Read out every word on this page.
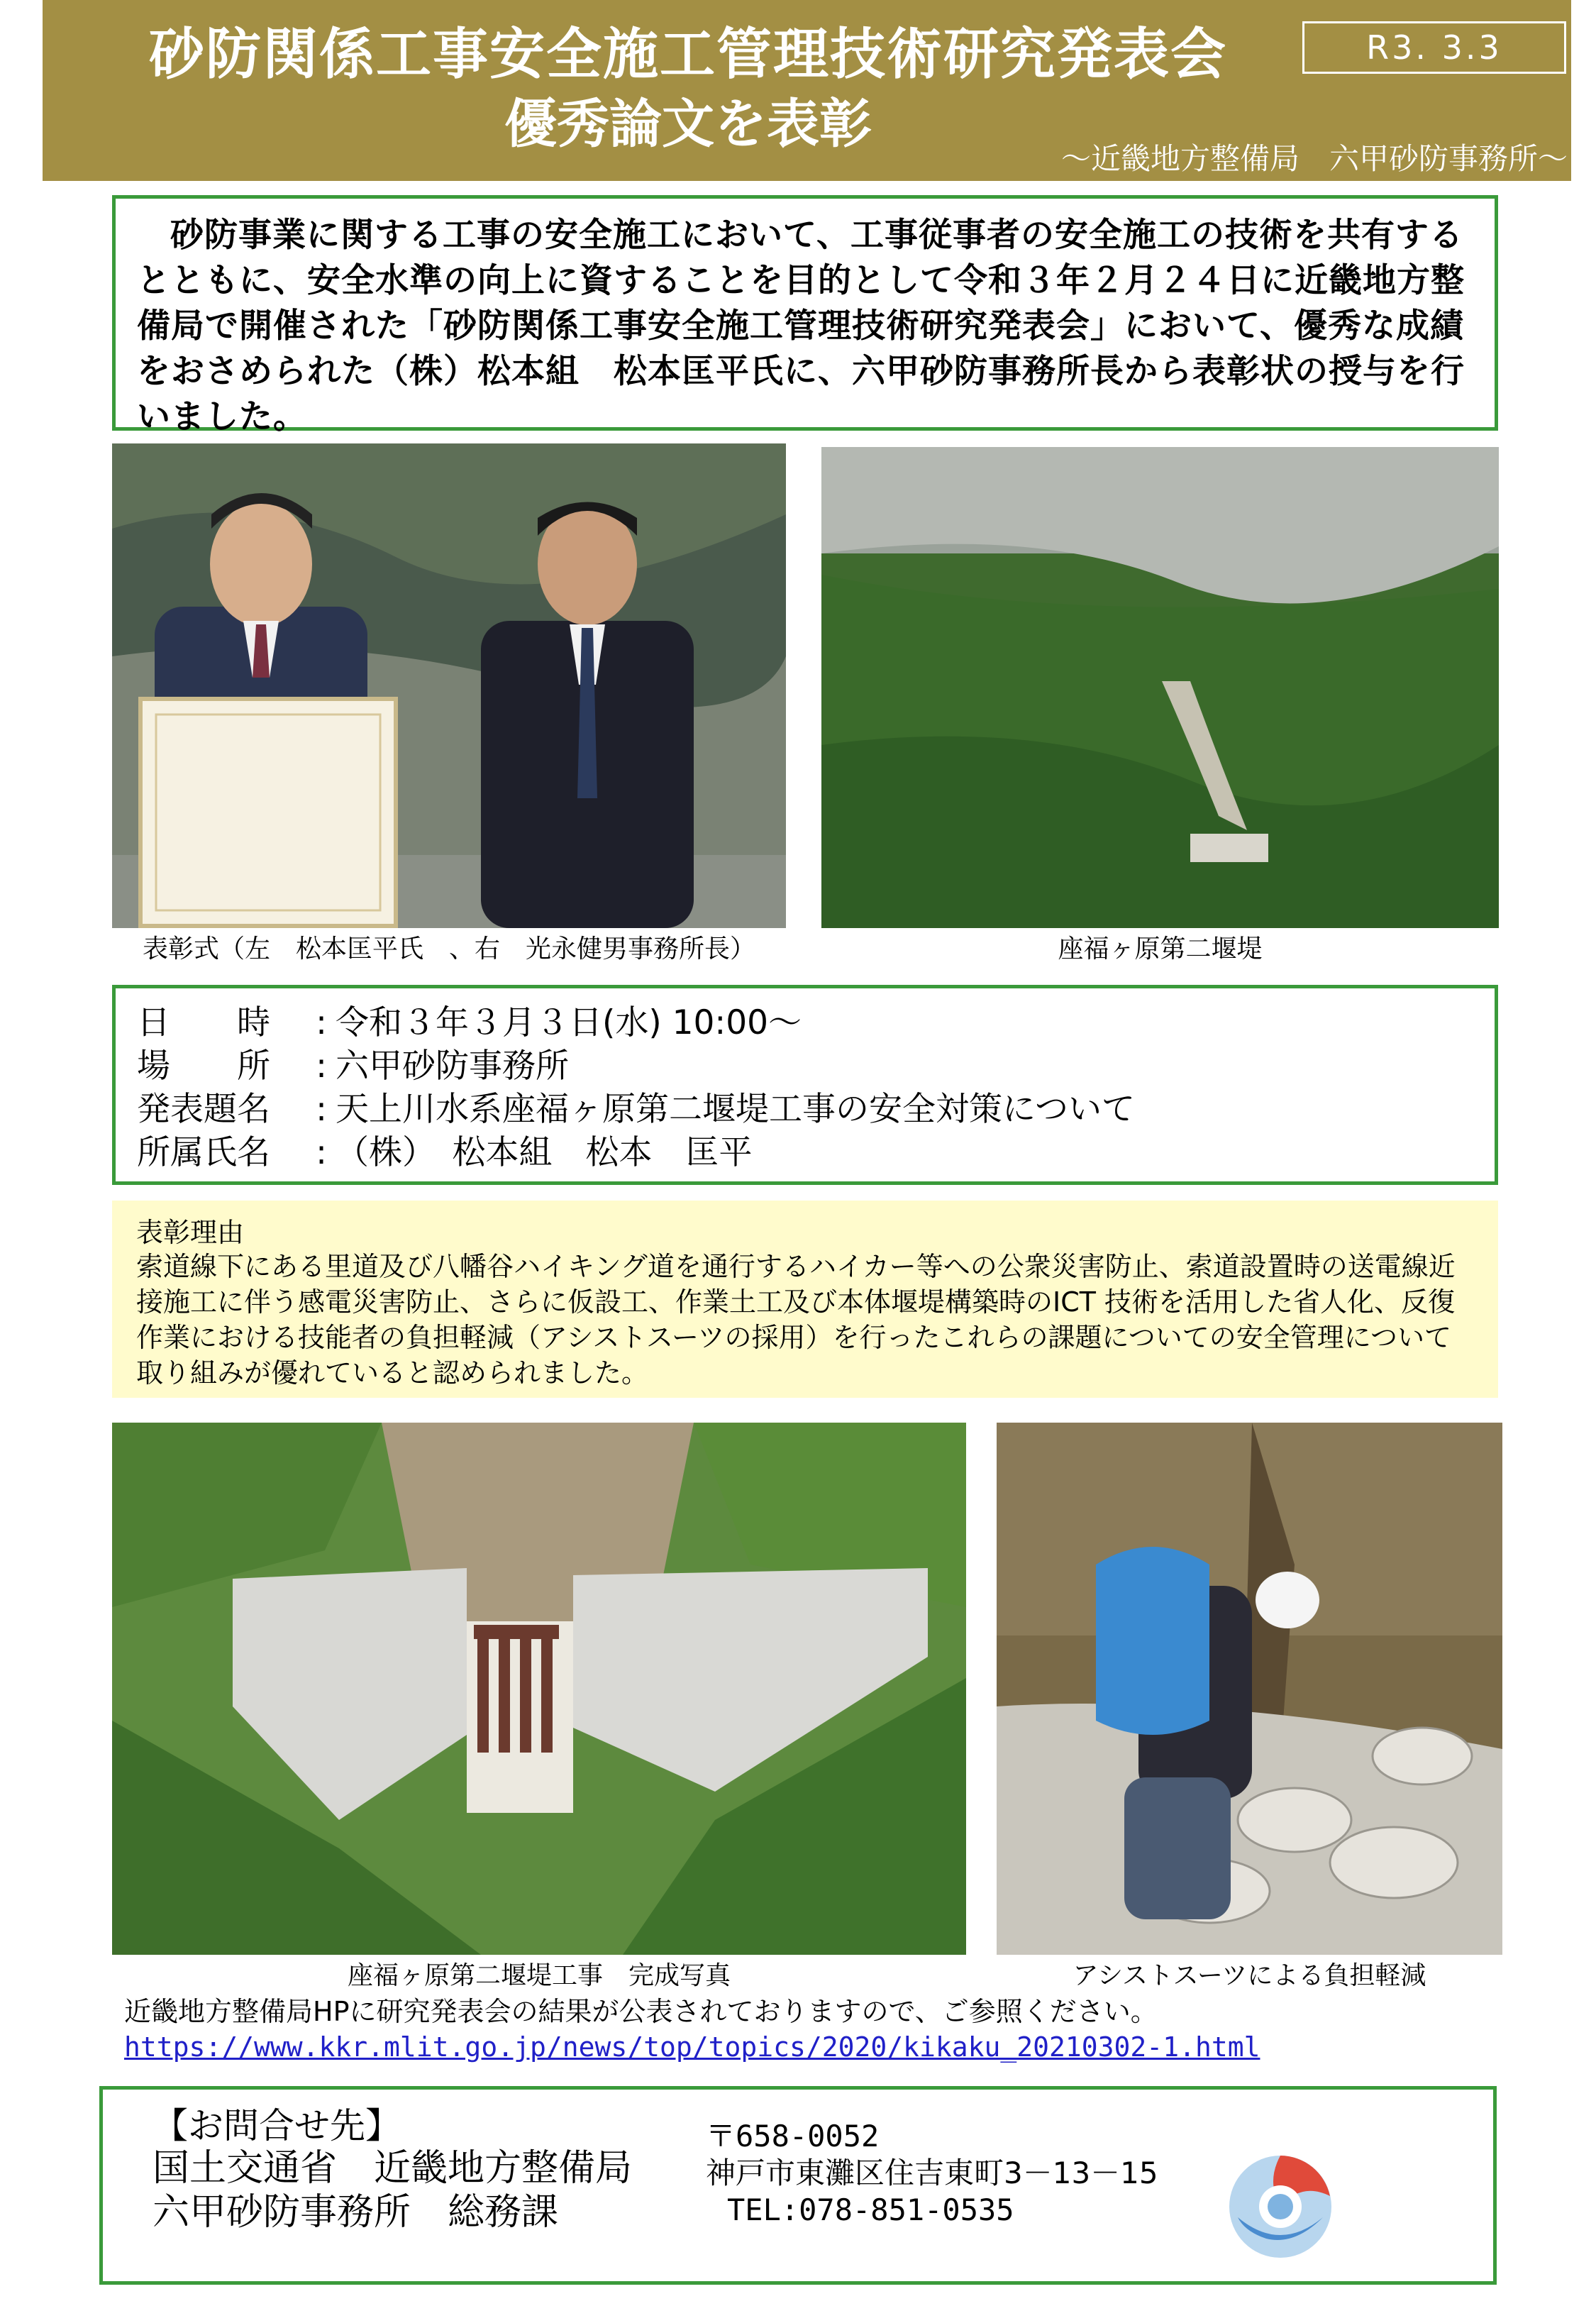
砂防関係工事安全施工管理技術研究発表会
優秀論文を表彰
R3. 3.3
～近畿地方整備局　六甲砂防事務所～
砂防事業に関する工事の安全施工において、工事従事者の安全施工の技術を共有するとともに、安全水準の向上に資することを目的として令和３年２月２４日に近畿地方整備局で開催された「砂防関係工事安全施工管理技術研究発表会」において、優秀な成績をおさめられた（株）松本組　松本匡平氏に、六甲砂防事務所長から表彰状の授与を行いました。
表彰式（左　松本匡平氏　、右　光永健男事務所長）	座福ヶ原第二堰堤
日　　時	: 令和３年３月３日(水) 10:00～
場　　所	: 六甲砂防事務所
発表題名	: 天上川水系座福ヶ原第二堰堤工事の安全対策について
所属氏名	: （株）　松本組　松本　匡平
表彰理由
索道線下にある里道及び八幡谷ハイキング道を通行するハイカー等への公衆災害防止、索道設置時の送電線近接施工に伴う感電災害防止、さらに仮設工、作業土工及び本体堰堤構築時のICT 技術を活用した省人化、反復作業における技能者の負担軽減（アシストスーツの採用）を行ったこれらの課題についての安全管理について取り組みが優れていると認められました。
座福ヶ原第二堰堤工事　完成写真	アシストスーツによる負担軽減
近畿地方整備局HPに研究発表会の結果が公表されておりますので、ご参照ください。
https://www.kkr.mlit.go.jp/news/top/topics/2020/kikaku_20210302-1.html
【お問合せ先】
国土交通省　近畿地方整備局
六甲砂防事務所　総務課
〒658-0052
神戸市東灘区住吉東町3－13－15
TEL:078-851-0535
